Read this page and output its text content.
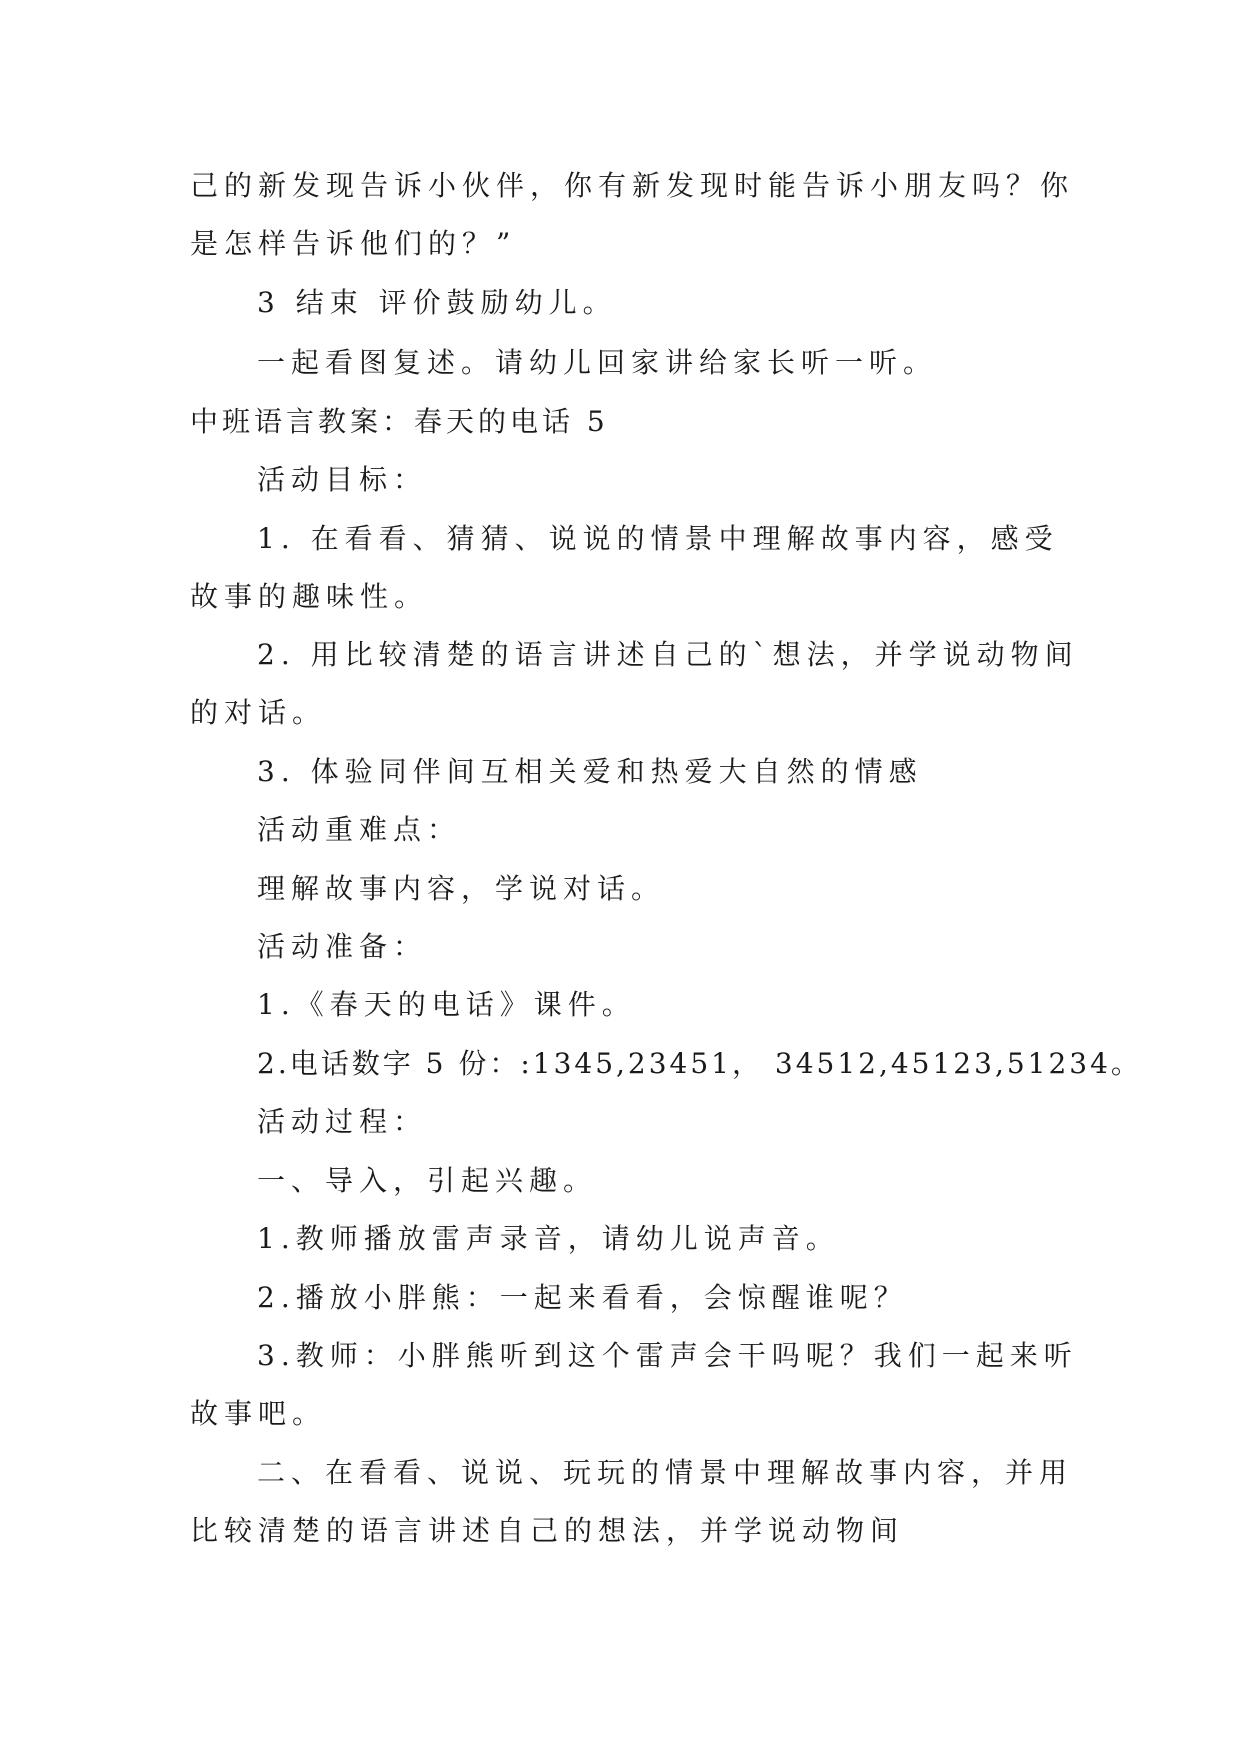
己的新发现告诉小伙伴，你有新发现时能告诉小朋友吗？你
是怎样告诉他们的？”
3 结束 评价鼓励幼儿。
一起看图复述。请幼儿回家讲给家长听一听。
中班语言教案：春天的电话 5
活动目标：
1. 在看看、猜猜、说说的情景中理解故事内容，感受
故事的趣味性。
2. 用比较清楚的语言讲述自己的`想法，并学说动物间
的对话。
3. 体验同伴间互相关爱和热爱大自然的情感
活动重难点：
理解故事内容，学说对话。
活动准备：
1.《春天的电话》课件。
2.电话数字 5 份：:1345,23451， 34512,45123,51234。
活动过程：
一、导入，引起兴趣。
1.教师播放雷声录音，请幼儿说声音。
2.播放小胖熊：一起来看看，会惊醒谁呢？
3.教师：小胖熊听到这个雷声会干吗呢？我们一起来听
故事吧。
二、在看看、说说、玩玩的情景中理解故事内容，并用
比较清楚的语言讲述自己的想法，并学说动物间
